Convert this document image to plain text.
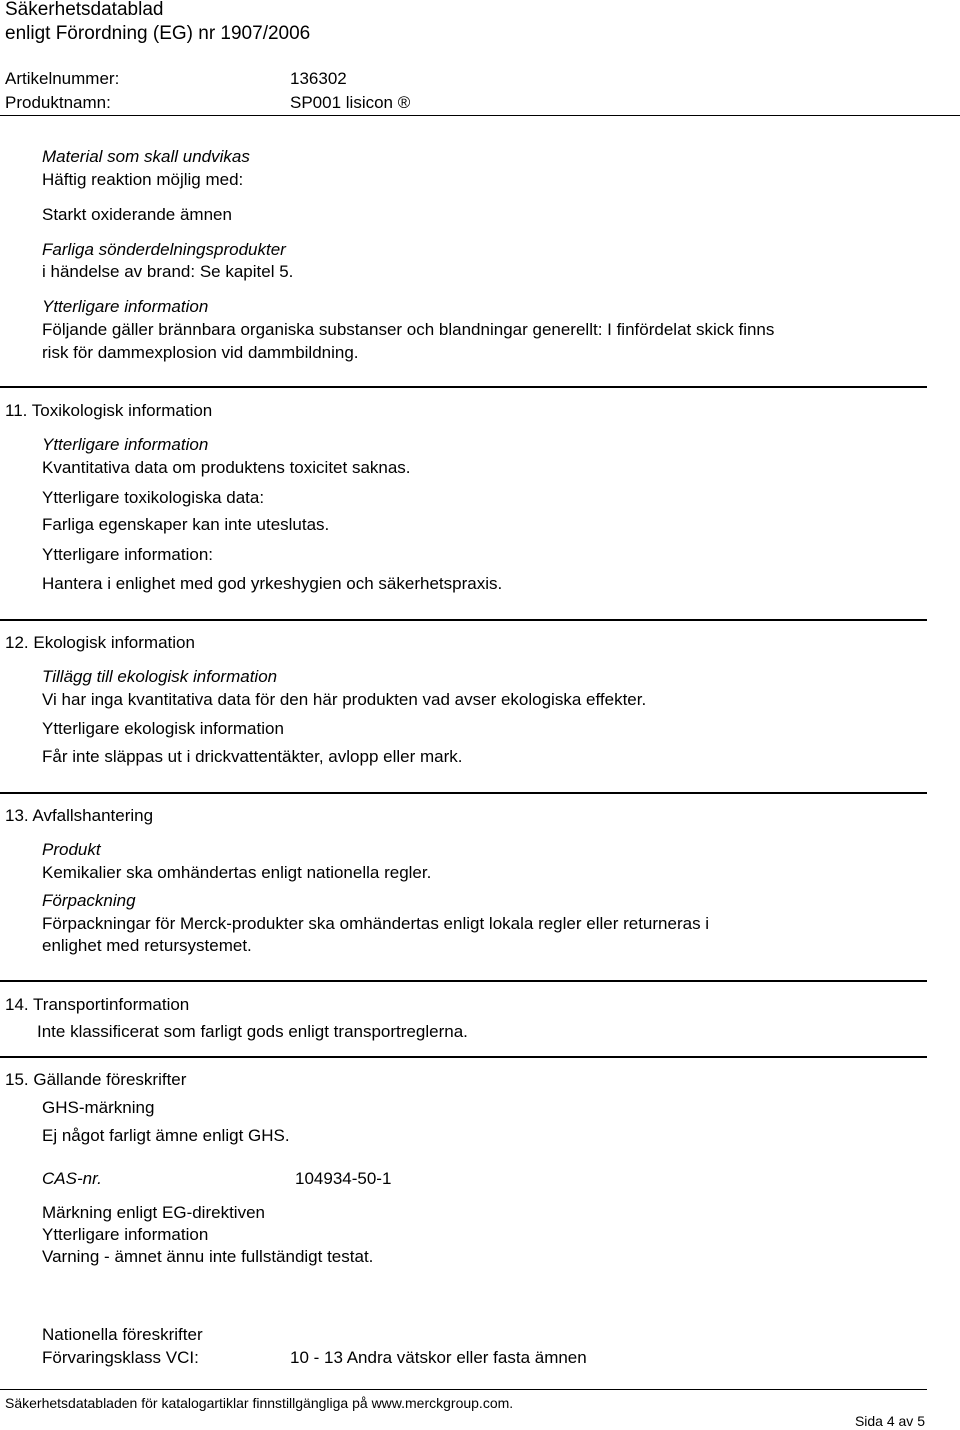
Säkerhetsdatablad
enligt Förordning (EG) nr 1907/2006
Artikelnummer:	136302
Produktnamn:	SP001 lisicon ®
Material som skall undvikas
Häftig reaktion möjlig med:
Starkt oxiderande ämnen
Farliga sönderdelningsprodukter
i händelse av brand: Se kapitel 5.
Ytterligare information
Följande gäller brännbara organiska substanser och blandningar generellt: I finfördelat skick finns
risk för dammexplosion vid dammbildning.
11. Toxikologisk information
Ytterligare information
Kvantitativa data om produktens toxicitet saknas.
Ytterligare toxikologiska data:
Farliga egenskaper kan inte uteslutas.
Ytterligare information:
Hantera i enlighet med god yrkeshygien och säkerhetspraxis.
12. Ekologisk information
Tillägg till ekologisk information
Vi har inga kvantitativa data för den här produkten vad avser ekologiska effekter.
Ytterligare ekologisk information
Får inte släppas ut i drickvattentäkter, avlopp eller mark.
13. Avfallshantering
Produkt
Kemikalier ska omhändertas enligt nationella regler.
Förpackning
Förpackningar för Merck-produkter ska omhändertas enligt lokala regler eller returneras i
enlighet med retursystemet.
14. Transportinformation
Inte klassificerat som farligt gods enligt transportreglerna.
15. Gällande föreskrifter
GHS-märkning
Ej något farligt ämne enligt GHS.
CAS-nr.	104934-50-1
Märkning enligt EG-direktiven
Ytterligare information
Varning - ämnet ännu inte fullständigt testat.
Nationella föreskrifter
Förvaringsklass VCI:	10 - 13 Andra vätskor eller fasta ämnen
Säkerhetsdatabladen för katalogartiklar finnstillgängliga på www.merckgroup.com.
Sida 4 av 5
